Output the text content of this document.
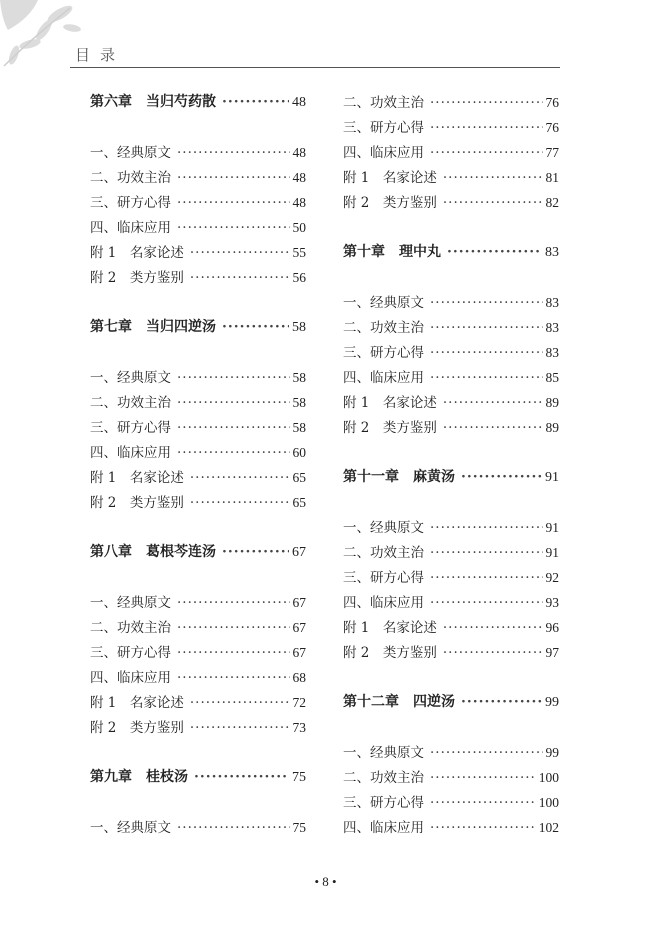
目录
第六章　当归芍药散 ·····	48
一、经典原文 ·····	48
二、功效主治 ·····	48
三、研方心得 ·····	48
四、临床应用 ·····	50
附 1　名家论述 ·····	55
附 2　类方鉴别 ·····	56
第七章　当归四逆汤 ·····	58
一、经典原文 ·····	58
二、功效主治 ·····	58
三、研方心得 ·····	58
四、临床应用 ·····	60
附 1　名家论述 ·····	65
附 2　类方鉴别 ·····	65
第八章　葛根芩连汤 ·····	67
一、经典原文 ·····	67
二、功效主治 ·····	67
三、研方心得 ·····	67
四、临床应用 ·····	68
附 1　名家论述 ·····	72
附 2　类方鉴别 ·····	73
第九章　桂枝汤 ·····	75
一、经典原文 ·····	75
二、功效主治 ·····	76
三、研方心得 ·····	76
四、临床应用 ·····	77
附 1　名家论述 ·····	81
附 2　类方鉴别 ·····	82
第十章　理中丸 ·····	83
一、经典原文 ·····	83
二、功效主治 ·····	83
三、研方心得 ·····	83
四、临床应用 ·····	85
附 1　名家论述 ·····	89
附 2　类方鉴别 ·····	89
第十一章　麻黄汤 ·····	91
一、经典原文 ·····	91
二、功效主治 ·····	91
三、研方心得 ·····	92
四、临床应用 ·····	93
附 1　名家论述 ·····	96
附 2　类方鉴别 ·····	97
第十二章　四逆汤 ·····	99
一、经典原文 ·····	99
二、功效主治 ·····	100
三、研方心得 ·····	100
四、临床应用 ·····	102
• 8 •
